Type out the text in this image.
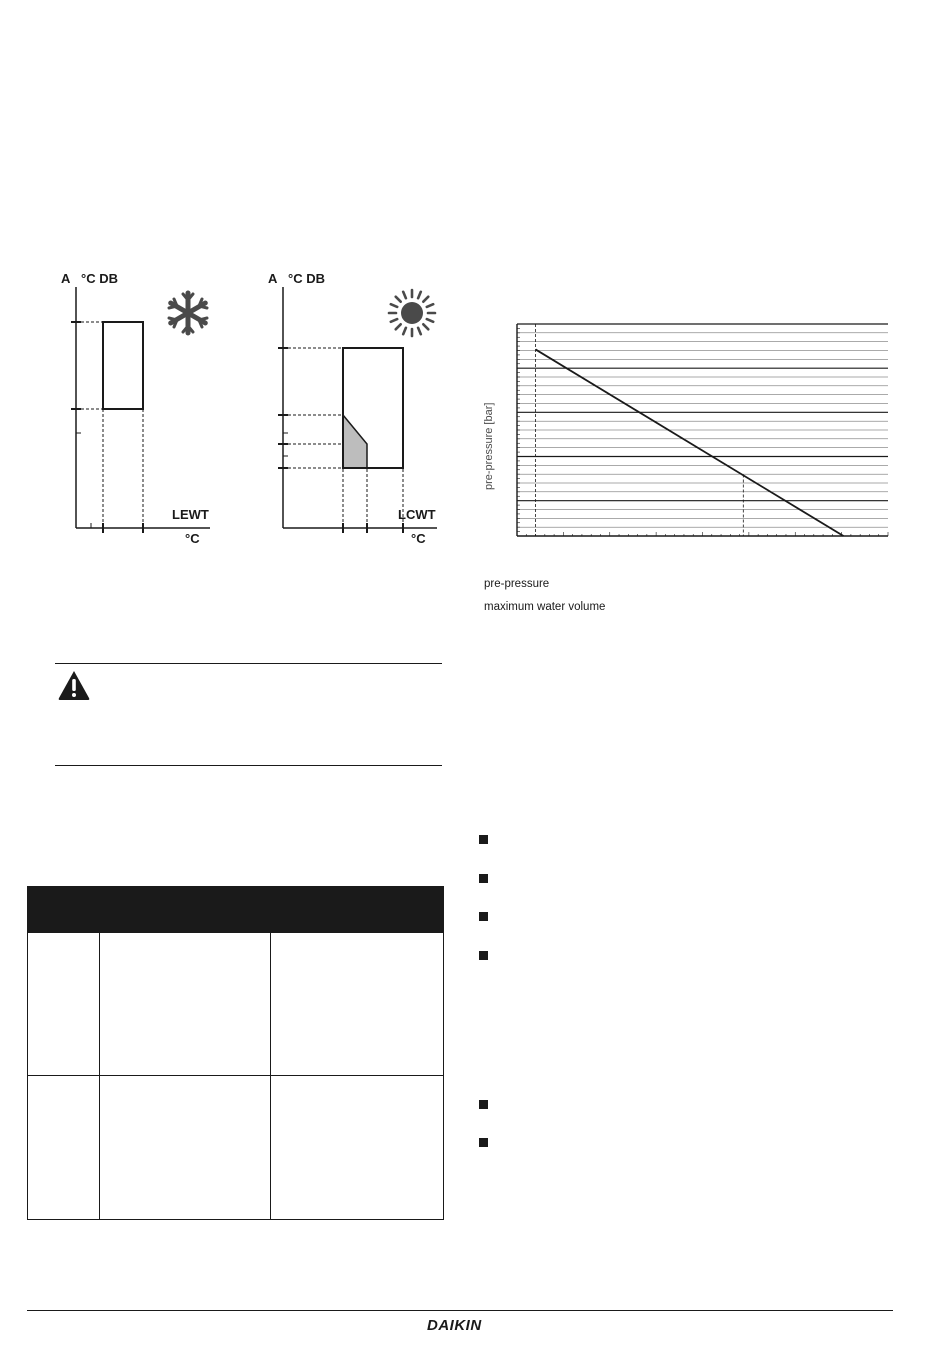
A °C DB
LEWT
°C
A °C DB
LCWT
°C

pre-pressure [bar]
pre-pressure
maximum water volume
DAIKIN
